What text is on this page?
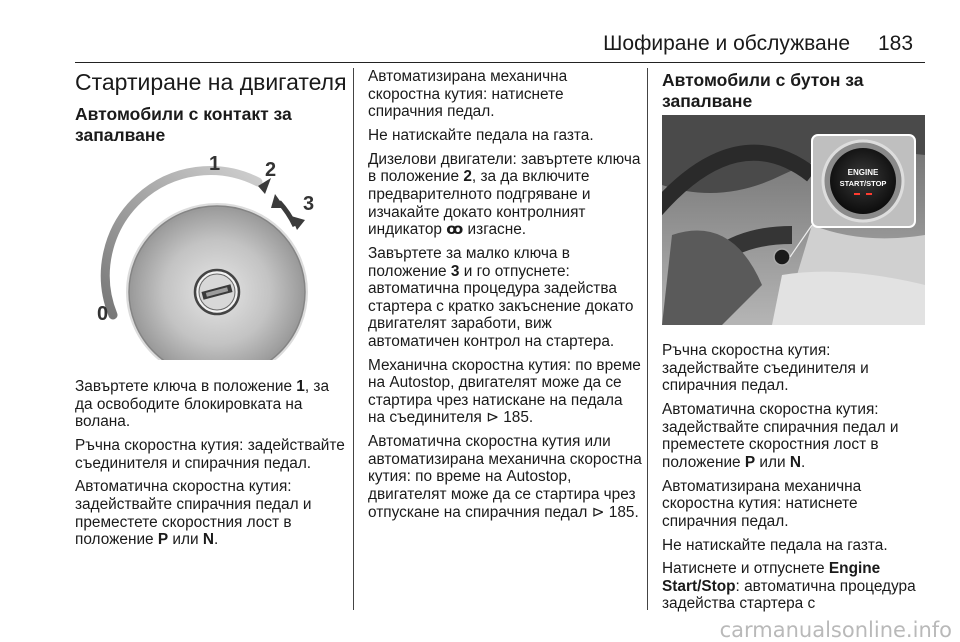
Шофиране и обслужване 183
Стартиране на двигателя
Автомобили с контакт за запалване
0
1 2
3

Завъртете ключа в положение 1, за да освободите блокировката на волана.

Ръчна скоростна кутия: задействайте съединителя и спирачния педал.

Автоматична скоростна кутия: задействайте спирачния педал и преместете скоростния лост в положение P или N.

Автоматизирана механична скоростна кутия: натиснете спирачния педал.

Не натискайте педала на газта.

Дизелови двигатели: завъртете ключа в положение 2, за да включите предварителното подгряване и изчакайте докато контролният индикатор ꝏ изгасне.

Завъртете за малко ключа в положение 3 и го отпуснете: автоматична процедура задейства стартера с кратко закъснение докато двигателят заработи, виж автоматичен контрол на стартера.

Механична скоростна кутия: по време на Autostop, двигателят може да се стартира чрез натискане на педала на съединителя ⊳ 185.

Автоматична скоростна кутия или автоматизирана механична скоростна кутия: по време на Autostop, двигателят може да се стартира чрез отпускане на спирачния педал ⊳ 185.

Автомобили с бутон за запалване
ENGINE
START/STOP

Ръчна скоростна кутия: задействайте съединителя и спирачния педал.

Автоматична скоростна кутия: задействайте спирачния педал и преместете скоростния лост в положение P или N.

Автоматизирана механична скоростна кутия: натиснете спирачния педал.

Не натискайте педала на газта.

Натиснете и отпуснете Engine Start/Stop: автоматична процедура задейства стартера с

carmanualsonline.info
